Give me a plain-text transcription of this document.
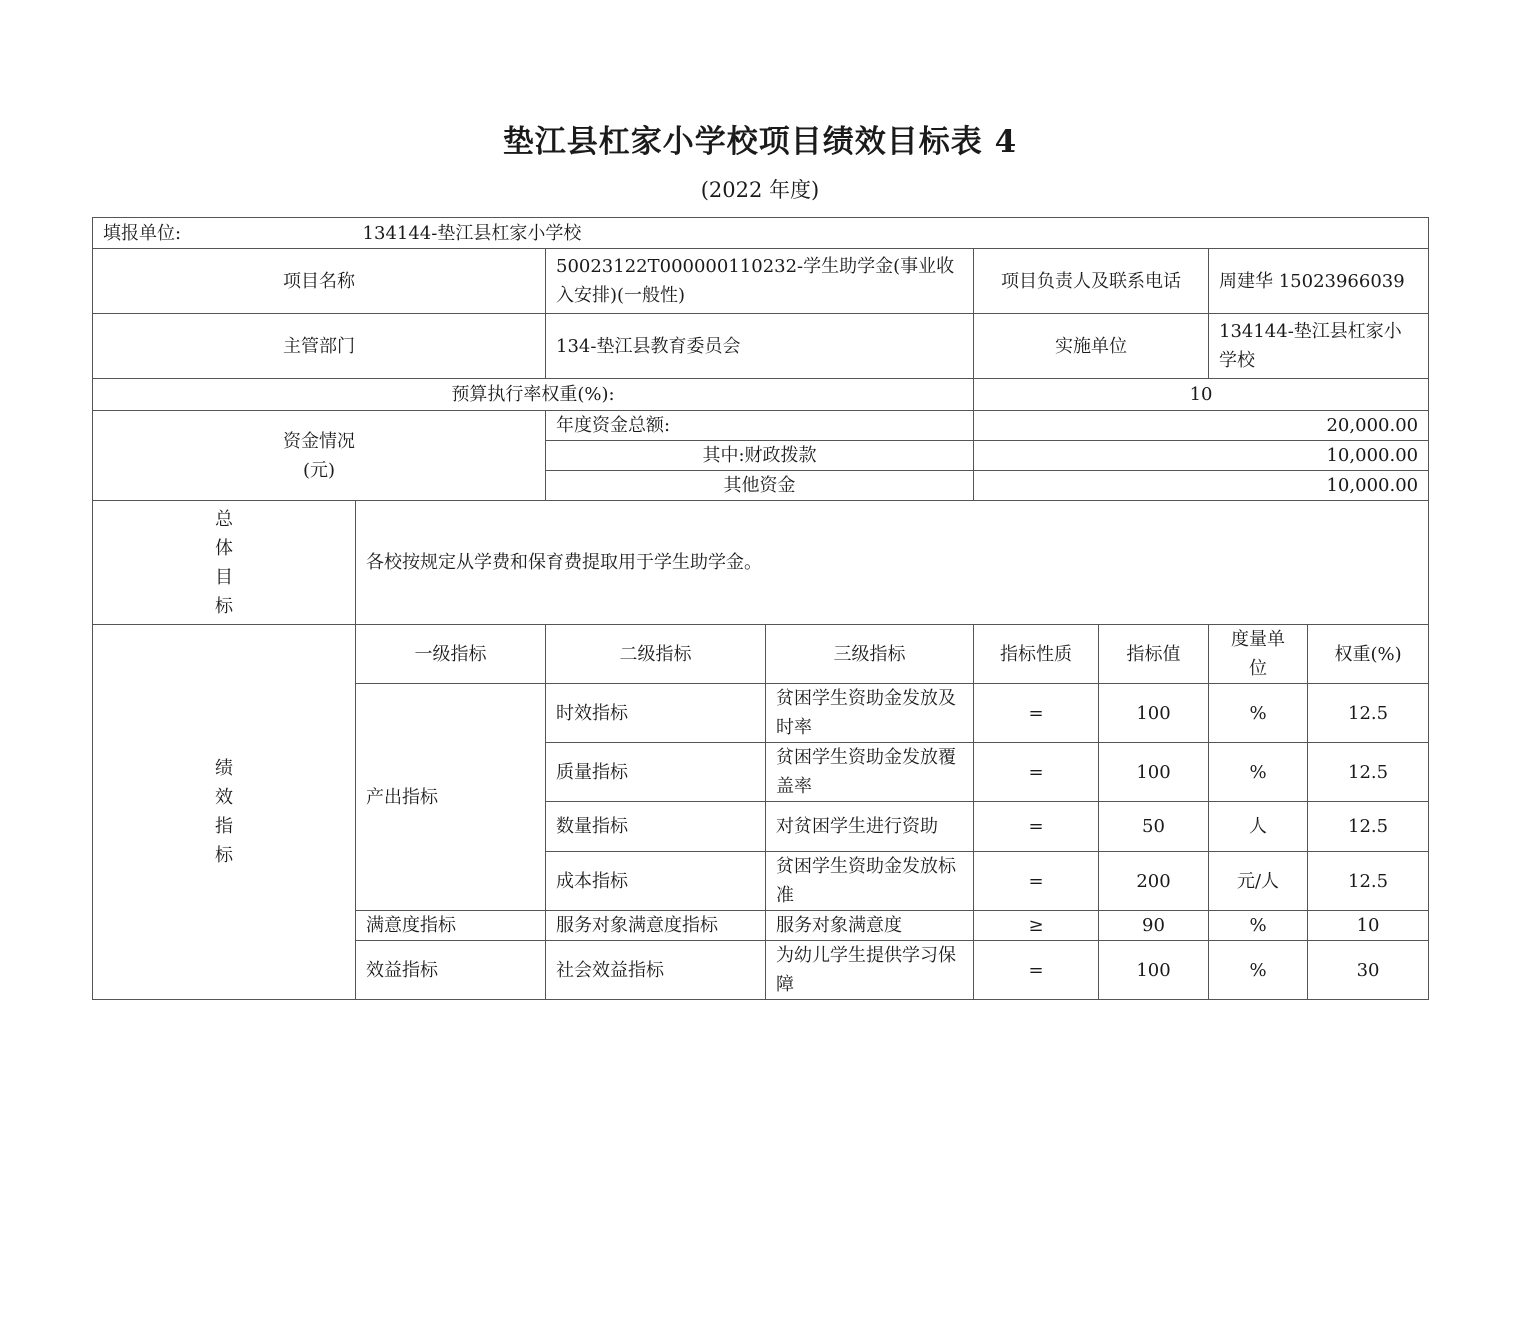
垫江县杠家小学校项目绩效目标表 4
(2022 年度)
填报单位: 134144-垫江县杠家小学校							
项目名称		50023122T000000110232-学生助学金(事业收入安排)(一般性)		项目负责人及联系电话		周建华 15023966039	
主管部门		134-垫江县教育委员会		实施单位		134144-垫江县杠家小学校	
预算执行率权重(%):				10			

资金情况
(元)		年度资金总额:		20,000.00			
		其中:财政拨款		10,000.00			
		其他资金		10,000.00			

总
体
目
标	各校按规定从学费和保育费提取用于学生助学金。						

绩
效
指
标	一级指标	二级指标	三级指标	指标性质	指标值	度量单位	权重(%)
	产出指标	时效指标	贫困学生资助金发放及时率	=	100	%	12.5
		质量指标	贫困学生资助金发放覆盖率	=	100	%	12.5
		数量指标	对贫困学生进行资助	=	50	人	12.5
		成本指标	贫困学生资助金发放标准	=	200	元/人	12.5
	满意度指标	服务对象满意度指标	服务对象满意度	≥	90	%	10
	效益指标	社会效益指标	为幼儿学生提供学习保障	=	100	%	30
